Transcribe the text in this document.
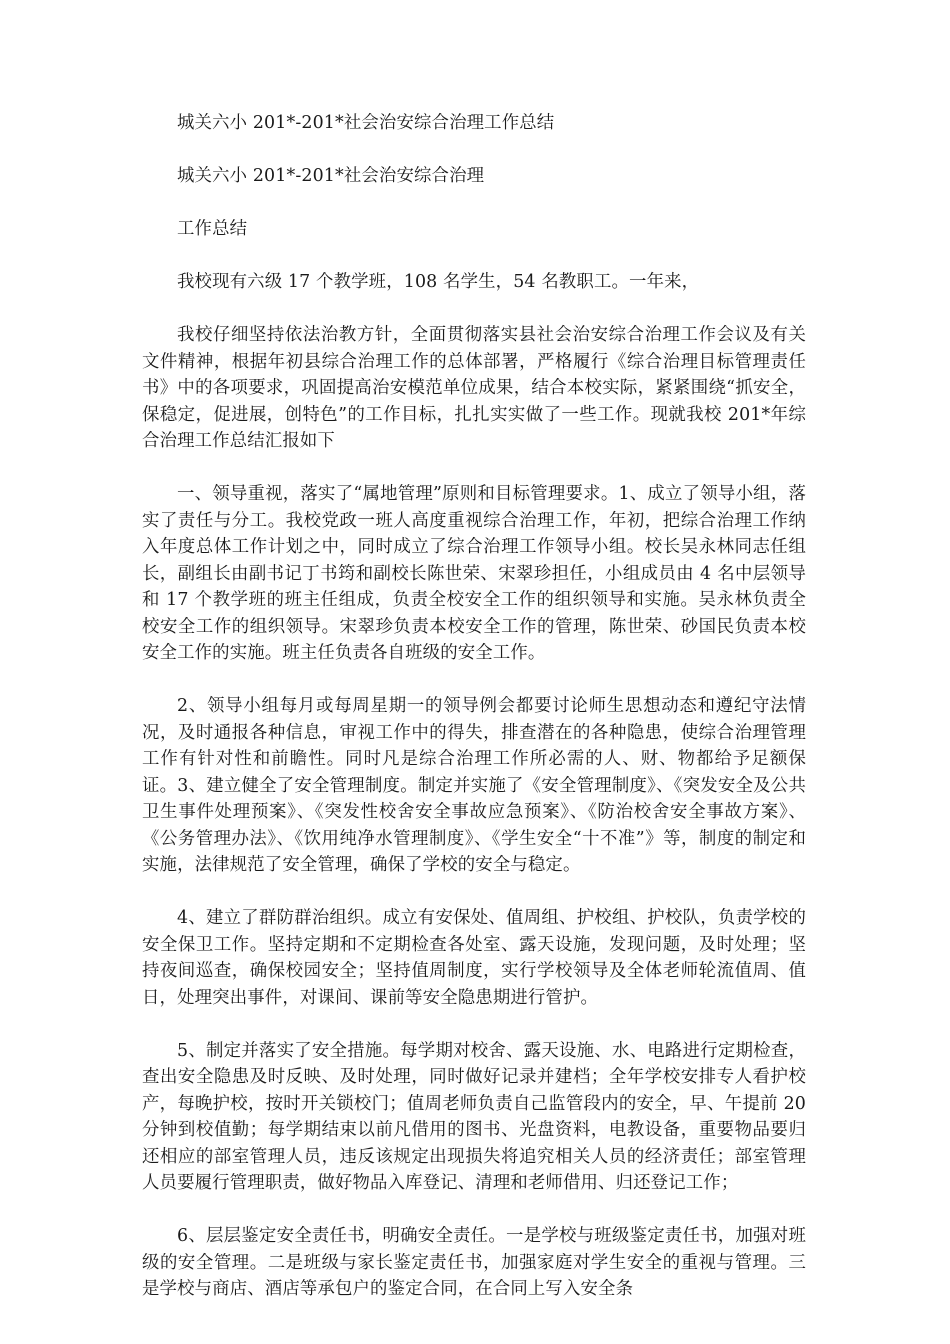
城关六小 201*-201*社会治安综合治理工作总结

城关六小 201*-201*社会治安综合治理

工作总结

我校现有六级 17 个教学班，108 名学生，54 名教职工。一年来，

我校仔细坚持依法治教方针，全面贯彻落实县社会治安综合治理工作会议及有关文件精神，根据年初县综合治理工作的总体部署，严格履行《综合治理目标管理责任书》中的各项要求，巩固提高治安模范单位成果，结合本校实际，紧紧围绕“抓安全，保稳定，促进展，创特色”的工作目标，扎扎实实做了一些工作。现就我校 201*年综合治理工作总结汇报如下

一、领导重视，落实了“属地管理”原则和目标管理要求。1、成立了领导小组，落实了责任与分工。我校党政一班人高度重视综合治理工作，年初，把综合治理工作纳入年度总体工作计划之中，同时成立了综合治理工作领导小组。校长吴永林同志任组长，副组长由副书记丁书筠和副校长陈世荣、宋翠珍担任，小组成员由 4 名中层领导和 17 个教学班的班主任组成，负责全校安全工作的组织领导和实施。吴永林负责全校安全工作的组织领导。宋翠珍负责本校安全工作的管理，陈世荣、砂国民负责本校安全工作的实施。班主任负责各自班级的安全工作。

2、领导小组每月或每周星期一的领导例会都要讨论师生思想动态和遵纪守法情况，及时通报各种信息，审视工作中的得失，排查潜在的各种隐患，使综合治理管理工作有针对性和前瞻性。同时凡是综合治理工作所必需的人、财、物都给予足额保证。3、建立健全了安全管理制度。制定并实施了《安全管理制度》、《突发安全及公共卫生事件处理预案》、《突发性校舍安全事故应急预案》、《防治校舍安全事故方案》、《公务管理办法》、《饮用纯净水管理制度》、《学生安全“十不准”》等，制度的制定和实施，法律规范了安全管理，确保了学校的安全与稳定。

4、建立了群防群治组织。成立有安保处、值周组、护校组、护校队，负责学校的安全保卫工作。坚持定期和不定期检查各处室、露天设施，发现问题，及时处理；坚持夜间巡查，确保校园安全；坚持值周制度，实行学校领导及全体老师轮流值周、值日，处理突出事件，对课间、课前等安全隐患期进行管护。

5、制定并落实了安全措施。每学期对校舍、露天设施、水、电路进行定期检查，查出安全隐患及时反映、及时处理，同时做好记录并建档；全年学校安排专人看护校产，每晚护校，按时开关锁校门；值周老师负责自己监管段内的安全，早、午提前 20 分钟到校值勤；每学期结束以前凡借用的图书、光盘资料，电教设备，重要物品要归还相应的部室管理人员，违反该规定出现损失将追究相关人员的经济责任；部室管理人员要履行管理职责，做好物品入库登记、清理和老师借用、归还登记工作；

6、层层鉴定安全责任书，明确安全责任。一是学校与班级鉴定责任书，加强对班级的安全管理。二是班级与家长鉴定责任书，加强家庭对学生安全的重视与管理。三是学校与商店、酒店等承包户的鉴定合同，在合同上写入安全条
